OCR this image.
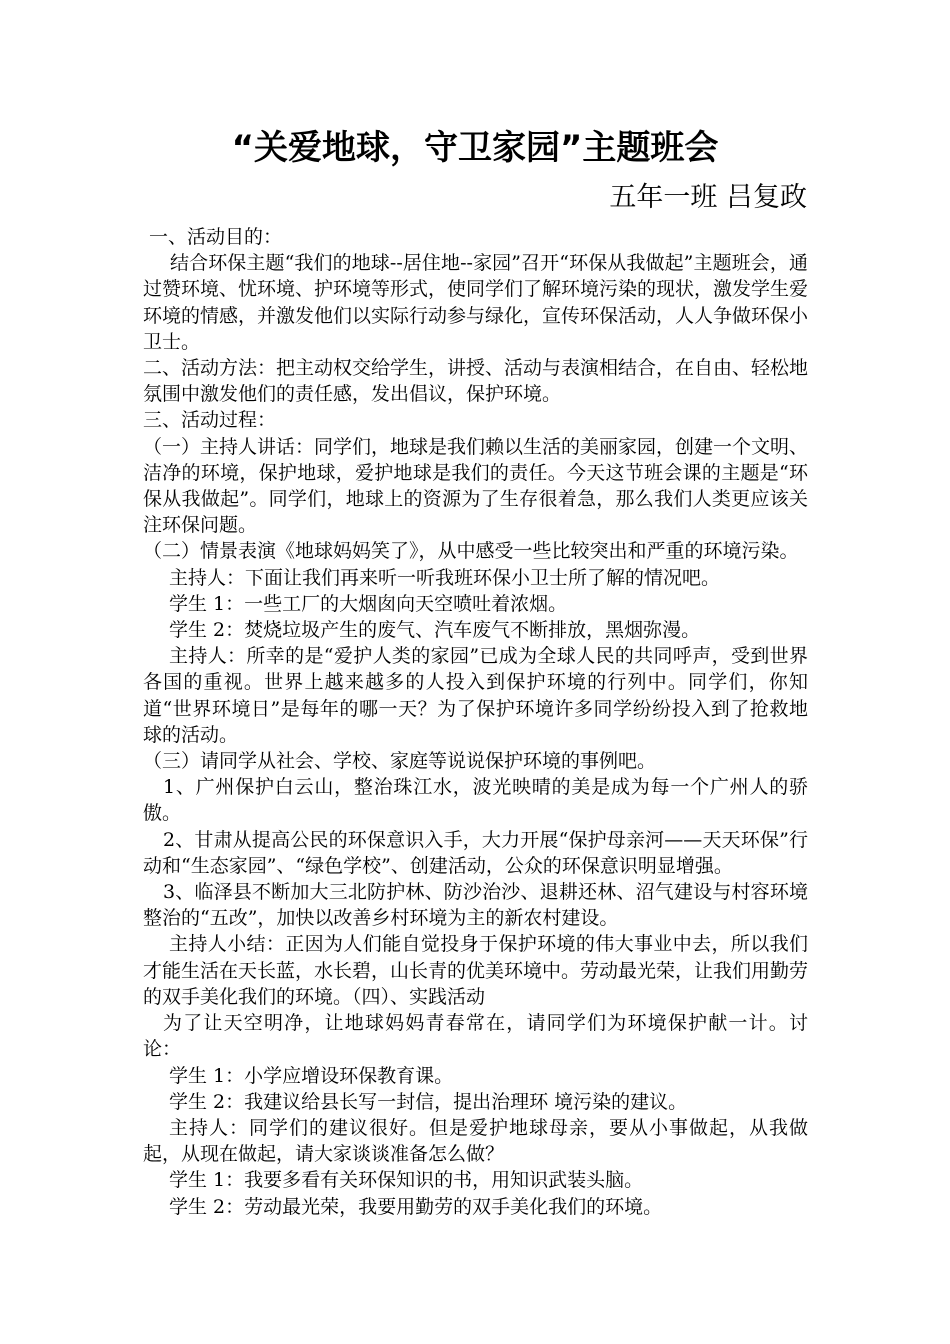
“关爱地球，守卫家园”主题班会
五年一班 吕复政

一、活动目的：

结合环保主题“我们的地球--居住地--家园”召开“环保从我做起”主题班会，通过赞环境、忧环境、护环境等形式，使同学们了解环境污染的现状，激发学生爱环境的情感，并激发他们以实际行动参与绿化，宣传环保活动，人人争做环保小卫士。

二、活动方法：把主动权交给学生，讲授、活动与表演相结合，在自由、轻松地氛围中激发他们的责任感，发出倡议，保护环境。

三、活动过程：

（一）主持人讲话：同学们，地球是我们赖以生活的美丽家园，创建一个文明、洁净的环境，保护地球，爱护地球是我们的责任。今天这节班会课的主题是“环保从我做起”。同学们，地球上的资源为了生存很着急，那么我们人类更应该关注环保问题。

（二）情景表演《地球妈妈笑了》，从中感受一些比较突出和严重的环境污染。

主持人：下面让我们再来听一听我班环保小卫士所了解的情况吧。

学生 1：一些工厂的大烟囱向天空喷吐着浓烟。

学生 2：焚烧垃圾产生的废气、汽车废气不断排放，黑烟弥漫。

主持人：所幸的是“爱护人类的家园”已成为全球人民的共同呼声，受到世界各国的重视。世界上越来越多的人投入到保护环境的行列中。同学们，你知道“世界环境日”是每年的哪一天？为了保护环境许多同学纷纷投入到了抢救地球的活动。

（三）请同学从社会、学校、家庭等说说保护环境的事例吧。

1、广州保护白云山，整治珠江水，波光映晴的美是成为每一个广州人的骄傲。

2、甘肃从提高公民的环保意识入手，大力开展“保护母亲河——天天环保”行动和“生态家园”、“绿色学校”、创建活动，公众的环保意识明显增强。

3、临泽县不断加大三北防护林、防沙治沙、退耕还林、沼气建设与村容环境整治的“五改”，加快以改善乡村环境为主的新农村建设。

主持人小结：正因为人们能自觉投身于保护环境的伟大事业中去，所以我们才能生活在天长蓝，水长碧，山长青的优美环境中。劳动最光荣，让我们用勤劳的双手美化我们的环境。（四）、实践活动

为了让天空明净，让地球妈妈青春常在，请同学们为环境保护献一计。讨论：

学生 1：小学应增设环保教育课。

学生 2：我建议给县长写一封信，提出治理环 境污染的建议。

主持人：同学们的建议很好。但是爱护地球母亲，要从小事做起，从我做起，从现在做起，请大家谈谈准备怎么做？

学生 1：我要多看有关环保知识的书，用知识武装头脑。

学生 2：劳动最光荣，我要用勤劳的双手美化我们的环境。
